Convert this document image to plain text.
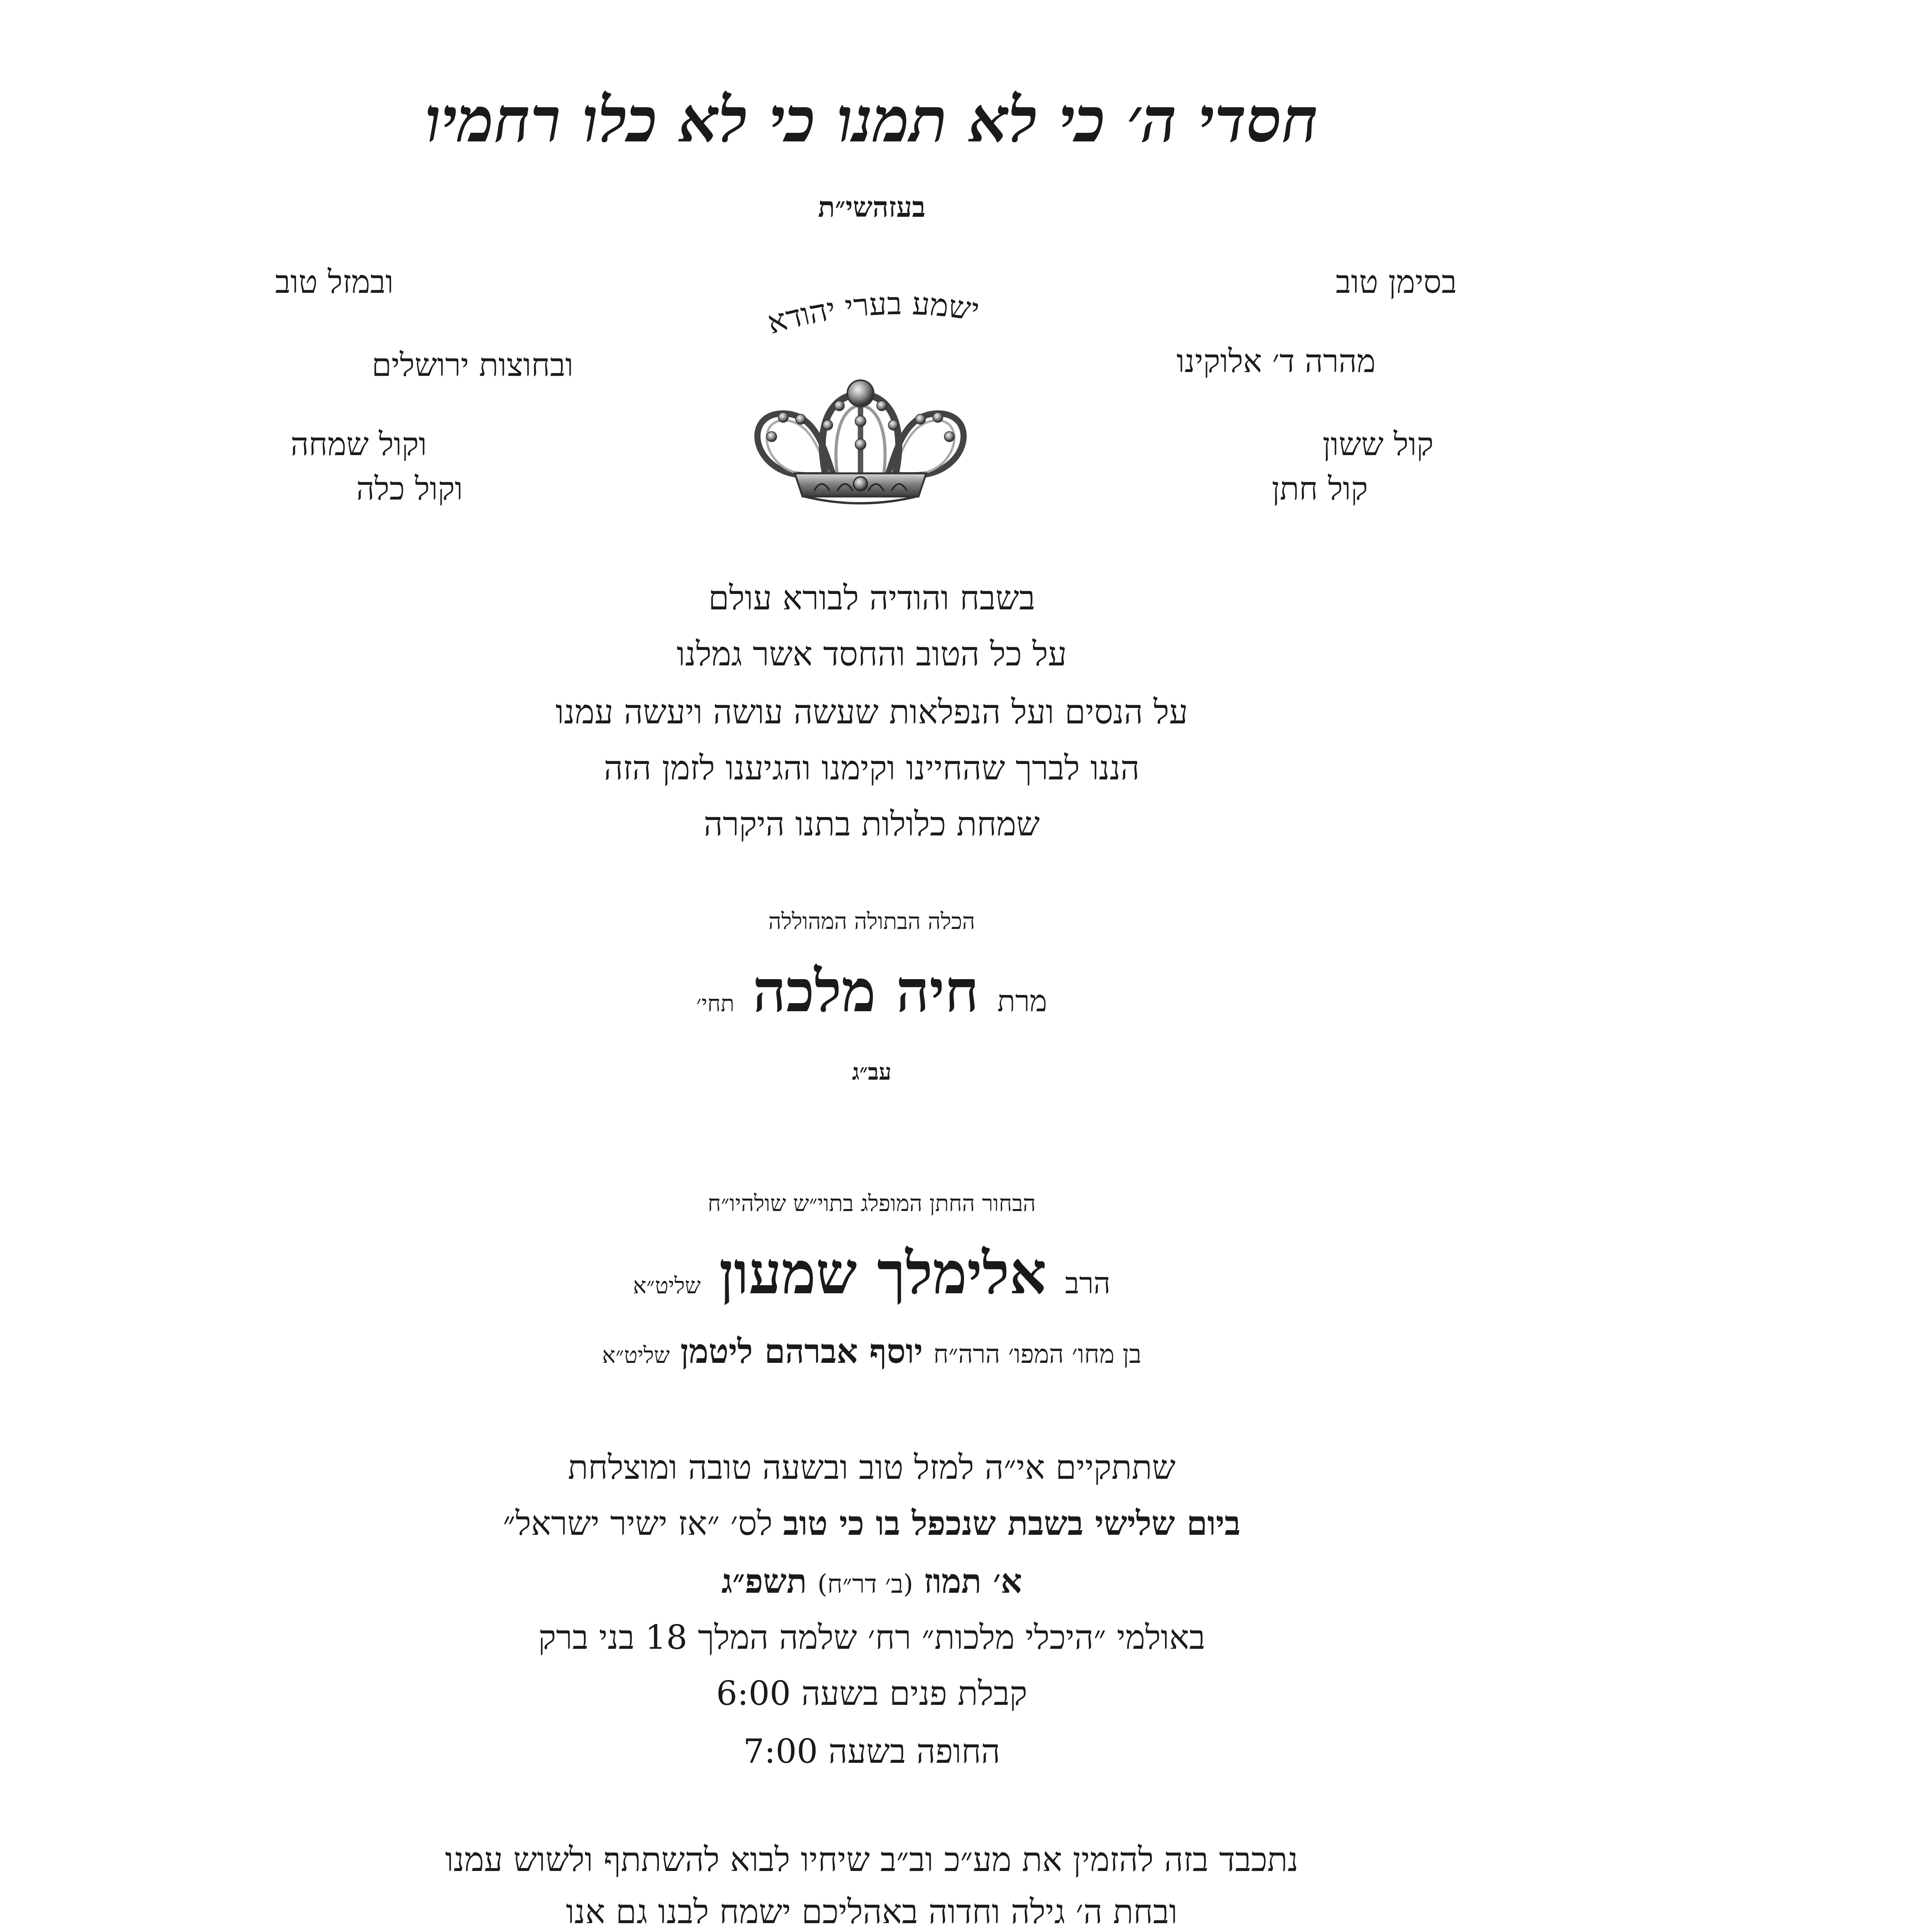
חסדי ה׳ כי לא תמנו כי לא כלו רחמיו
בעזהשי״ת
בסימן טוב
ובמזל טוב
מהרה ד׳ אלוקינו
ובחוצות ירושלים
ישמע בערי יהודא
קול ששון
קול חתן
וקול שמחה
וקול כלה
בשבח והודיה לבורא עולם
על כל הטוב והחסד אשר גמלנו
על הנסים ועל הנפלאות שעשה עושה ויעשה עמנו
הננו לברך שהחיינו וקימנו והגיענו לזמן הזה
שמחת כלולות בתנו היקרה
הכלה הבתולה המהוללה
מרת חיה מלכה תחי׳
עב״ג
הבחור החתן המופלג בתוי״ש שולהיו״ח
הרב אלימלך שמעון שליט״א
בן מחו׳ המפו׳ הרה״ח יוסף אברהם ליטמן שליט״א
שתתקיים אי״ה למזל טוב ובשעה טובה ומוצלחת
ביום שלישי בשבת שנכפל בו כי טוב לס׳ ״אז ישיר ישראל״
א׳ תמוז (ב׳ דר״ח) תשפ״ג
באולמי ״היכלי מלכות״ רח׳ שלמה המלך 18 בני ברק
קבלת פנים בשעה 6:00
החופה בשעה 7:00
נתכבד בזה להזמין את מע״כ וב״ב שיחיו לבוא להשתתף ולשוש עמנו
ובחת ה׳ גילה וחדוה באהליכם ישמח לבנו גם אנו
